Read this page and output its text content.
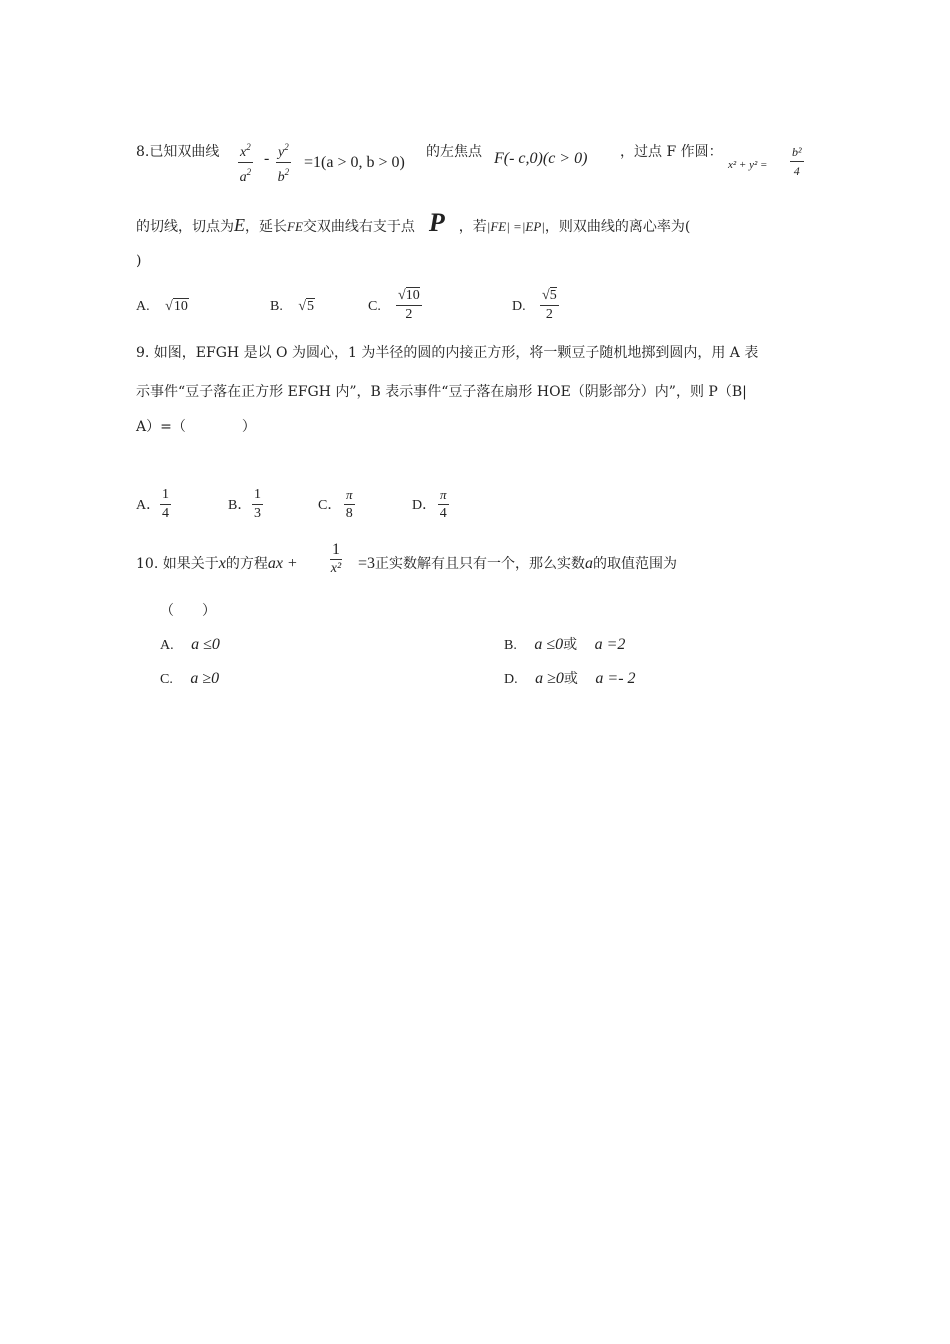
8.已知双曲线 $\frac{x^2}{a^2} - \frac{y^2}{b^2} =1(a > 0$, b > 0)
的左焦点 F(- c,0)(c > 0) ，过点 F 作圆：
$x^2 + y^2 = \frac{\text{b²}}{4}$
的切线，切点为E，延长FE交双曲线右支于点 P ，若|FE| =|EP|，则双曲线的离心率为(
)
A. √10	B. √5	C. $\frac{√10}{2}$	D. $\frac{√5}{2}$
9. 如图，EFGH 是以 O 为圆心，1 为半径的圆的内接正方形，将一颗豆子随机地掷到圆内，用 A 表
示事件“豆子落在正方形 EFGH 内”，B 表示事件“豆子落在扇形 HOE（阴影部分）内”，则 P（B|
A）=（　　　　）
A． $\frac{1}{4}$	B． $\frac{1}{3}$	C． $\frac{\pi}{8}$	D． $\frac{\pi}{4}$
10. 如果关于x的方程ax + $\frac{1}{\text{x²}} =3$正实数解有且只有一个，那么实数a的取值范围为
（　　）
A. a ≤0	B. a ≤0或 a =2
C. a ≥0	D. a ≥0或 a =- 2
